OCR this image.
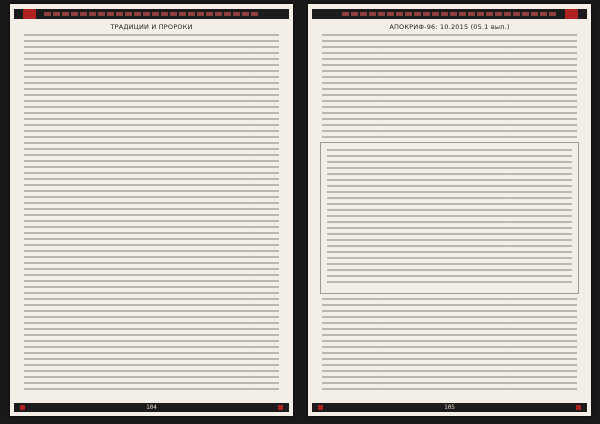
ТРАДИЦИИ И ПРОРОКИ
104
АПОКРИФ-96: 10.2015 (05.1 вып.)
105
